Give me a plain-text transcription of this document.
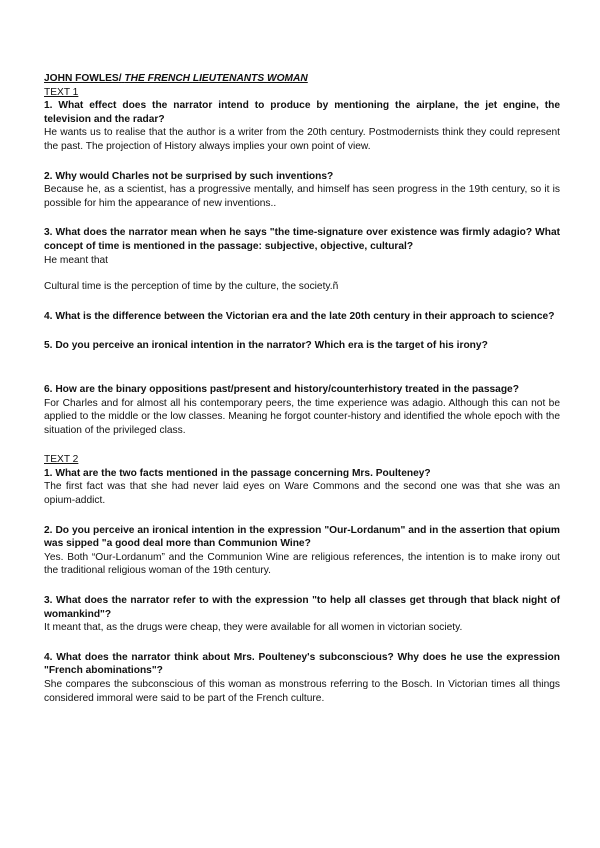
JOHN FOWLES/ THE FRENCH LIEUTENANTS WOMAN
TEXT 1
1. What effect does the narrator intend to produce by mentioning the airplane, the jet engine, the television and the radar?
He wants us to realise that the author is a writer from the 20th century. Postmodernists think they could represent the past. The projection of History always implies your own point of view.
2. Why would Charles not be surprised by such inventions?
Because he, as a scientist, has a progressive mentally, and himself has seen progress in the 19th century, so it is possible for him the appearance of new inventions..
3. What does the narrator mean when he says "the time-signature over existence was firmly adagio? What concept of time is mentioned in the passage: subjective, objective, cultural?
He meant that
Cultural time is the perception of time by the culture, the society.ñ
4. What is the difference between the Victorian era and the late 20th century in their approach to science?
5. Do you perceive an ironical intention in the narrator? Which era is the target of his irony?
6. How are the binary oppositions past/present and history/counterhistory treated in the passage?
For Charles and for almost all his contemporary peers, the time experience was adagio. Although this can not be applied to the middle or the low classes. Meaning he forgot counter-history and identified the whole epoch with the situation of the privileged class.
TEXT 2
1. What are the two facts mentioned in the passage concerning Mrs. Poulteney?
The first fact was that she had never laid eyes on Ware Commons and the second one was that she was an opium-addict.
2. Do you perceive an ironical intention in the expression "Our-Lordanum" and in the assertion that opium was sipped "a good deal more than Communion Wine?
Yes. Both “Our-Lordanum” and the Communion Wine are religious references, the intention is to make irony out the traditional religious woman of the 19th century.
3. What does the narrator refer to with the expression "to help all classes get through that black night of womankind"?
It meant that, as the drugs were cheap, they were available for all women in victorian society.
4. What does the narrator think about Mrs. Poulteney's subconscious? Why does he use the expression "French abominations"?
She compares the subconscious of this woman as monstrous referring to the Bosch. In Victorian times all things considered immoral were said to be part of the French culture.
